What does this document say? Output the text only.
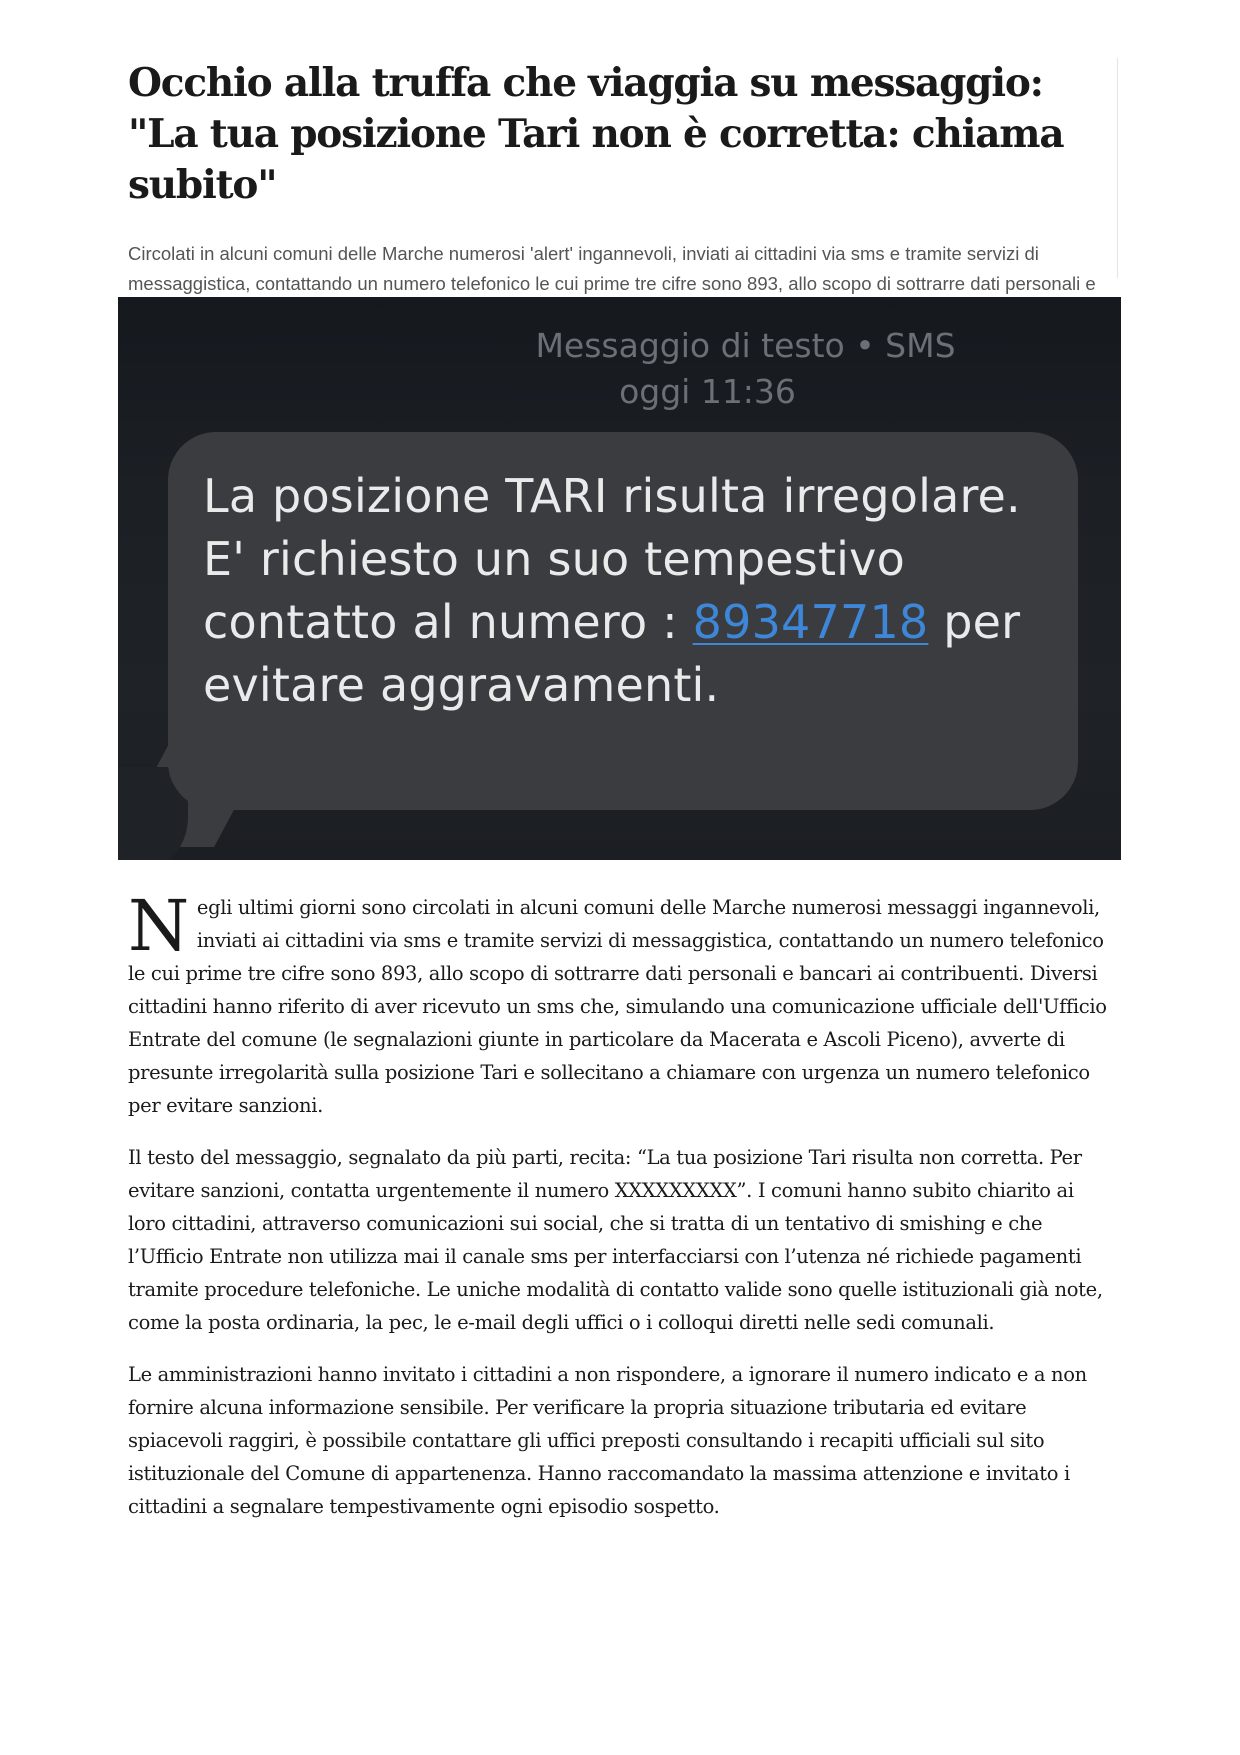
Occhio alla truffa che viaggia su messaggio: "La tua posizione Tari non è corretta: chiama subito"

Circolati in alcuni comuni delle Marche numerosi 'alert' ingannevoli, inviati ai cittadini via sms e tramite servizi di messaggistica, contattando un numero telefonico le cui prime tre cifre sono 893, allo scopo di sottrarre dati personali e

Messaggio di testo • SMS
oggi 11:36
La posizione TARI risulta irregolare. E' richiesto un suo tempestivo contatto al numero : 89347718 per evitare aggravamenti.

Negli ultimi giorni sono circolati in alcuni comuni delle Marche numerosi messaggi ingannevoli, inviati ai cittadini via sms e tramite servizi di messaggistica, contattando un numero telefonico le cui prime tre cifre sono 893, allo scopo di sottrarre dati personali e bancari ai contribuenti. Diversi cittadini hanno riferito di aver ricevuto un sms che, simulando una comunicazione ufficiale dell'Ufficio Entrate del comune (le segnalazioni giunte in particolare da Macerata e Ascoli Piceno), avverte di presunte irregolarità sulla posizione Tari e sollecitano a chiamare con urgenza un numero telefonico per evitare sanzioni.

Il testo del messaggio, segnalato da più parti, recita: “La tua posizione Tari risulta non corretta. Per evitare sanzioni, contatta urgentemente il numero XXXXXXXXX”. I comuni hanno subito chiarito ai loro cittadini, attraverso comunicazioni sui social, che si tratta di un tentativo di smishing e che l’Ufficio Entrate non utilizza mai il canale sms per interfacciarsi con l’utenza né richiede pagamenti tramite procedure telefoniche. Le uniche modalità di contatto valide sono quelle istituzionali già note, come la posta ordinaria, la pec, le e-mail degli uffici o i colloqui diretti nelle sedi comunali.

Le amministrazioni hanno invitato i cittadini a non rispondere, a ignorare il numero indicato e a non fornire alcuna informazione sensibile. Per verificare la propria situazione tributaria ed evitare spiacevoli raggiri, è possibile contattare gli uffici preposti consultando i recapiti ufficiali sul sito istituzionale del Comune di appartenenza. Hanno raccomandato la massima attenzione e invitato i cittadini a segnalare tempestivamente ogni episodio sospetto.
